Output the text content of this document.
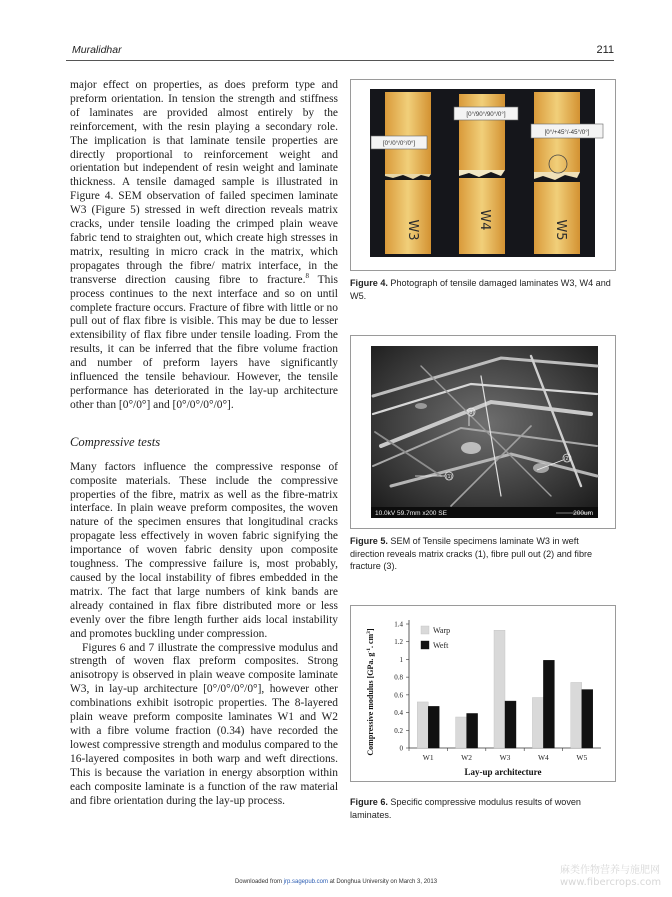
Muralidhar	211

major effect on properties, as does preform type and preform orientation. In tension the strength and stiffness of laminates are provided almost entirely by the reinforcement, with the resin playing a secondary role. The implication is that laminate tensile properties are directly proportional to reinforcement weight and orientation but independent of resin weight and laminate thickness. A tensile damaged sample is illustrated in Figure 4. SEM observation of failed specimen laminate W3 (Figure 5) stressed in weft direction reveals matrix cracks, under tensile loading the crimped plain weave fabric tend to straighten out, which create high stresses in matrix, resulting in micro crack in the matrix, which propagates through the fibre/ matrix interface, in the transverse direction causing fibre to fracture.$^8$ This process continues to the next interface and so on until complete fracture occurs. Fracture of fibre with little or no pull out of flax fibre is visible. This may be due to lesser extensibility of flax fibre under tensile loading. From the results, it can be inferred that the fibre volume fraction and number of preform layers have significantly influenced the tensile behaviour. However, the tensile performance has deteriorated in the lay-up architecture other than [0°/0°] and [0°/0°/0°/0°].

Compressive tests

Many factors influence the compressive response of composite materials. These include the compressive properties of the fibre, matrix as well as the fibre-matrix interface. In plain weave preform composites, the woven nature of the specimen ensures that longitudinal cracks propagate less effectively in woven fabric signifying the importance of woven fabric density upon composite toughness. The compressive failure is, most probably, caused by the local instability of fibres embedded in the matrix. The fact that large numbers of kink bands are already contained in flax fibre distributed more or less evenly over the fibre length further aids local instability and promotes buckling under compression.

Figures 6 and 7 illustrate the compressive modulus and strength of woven flax preform composites. Strong anisotropy is observed in plain weave composite laminate W3, in lay-up architecture [0°/0°/0°/0°], however other combinations exhibit isotropic properties. The 8-layered plain weave preform composite laminates W1 and W2 with a fibre volume fraction (0.34) have recorded the lowest compressive strength and modulus compared to the 16-layered composites in both warp and weft directions. This is because the variation in energy absorption within each composite laminate is a function of the raw material and fibre orientation during the lay-up process.

[0°/0°/0°/0°]
[0°/90°/90°/0°]
[0°/+45°/-45°/0°]
W3	W4	W5
Figure 4. Photograph of tensile damaged laminates W3, W4 and W5.
(1)
(2)
(3)
10.0kV 59.7mm x200 SE	200um
Figure 5. SEM of Tensile specimens laminate W3 in weft direction reveals matrix cracks (1), fibre pull out (2) and fibre fracture (3).
Compressive modulus [GPa. $g^{-1}$. $cm^3$]
0
0.2
0.4
0.6
0.8
1
1.2
1.4
W1	W2	W3	W4	W5
Warp
Weft
Lay-up architecture
Figure 6. Specific compressive modulus results of woven laminates.
Downloaded from jrp.sagepub.com at Donghua University on March 3, 2013
麻类作物营养与施肥网
www.fibercrops.com
